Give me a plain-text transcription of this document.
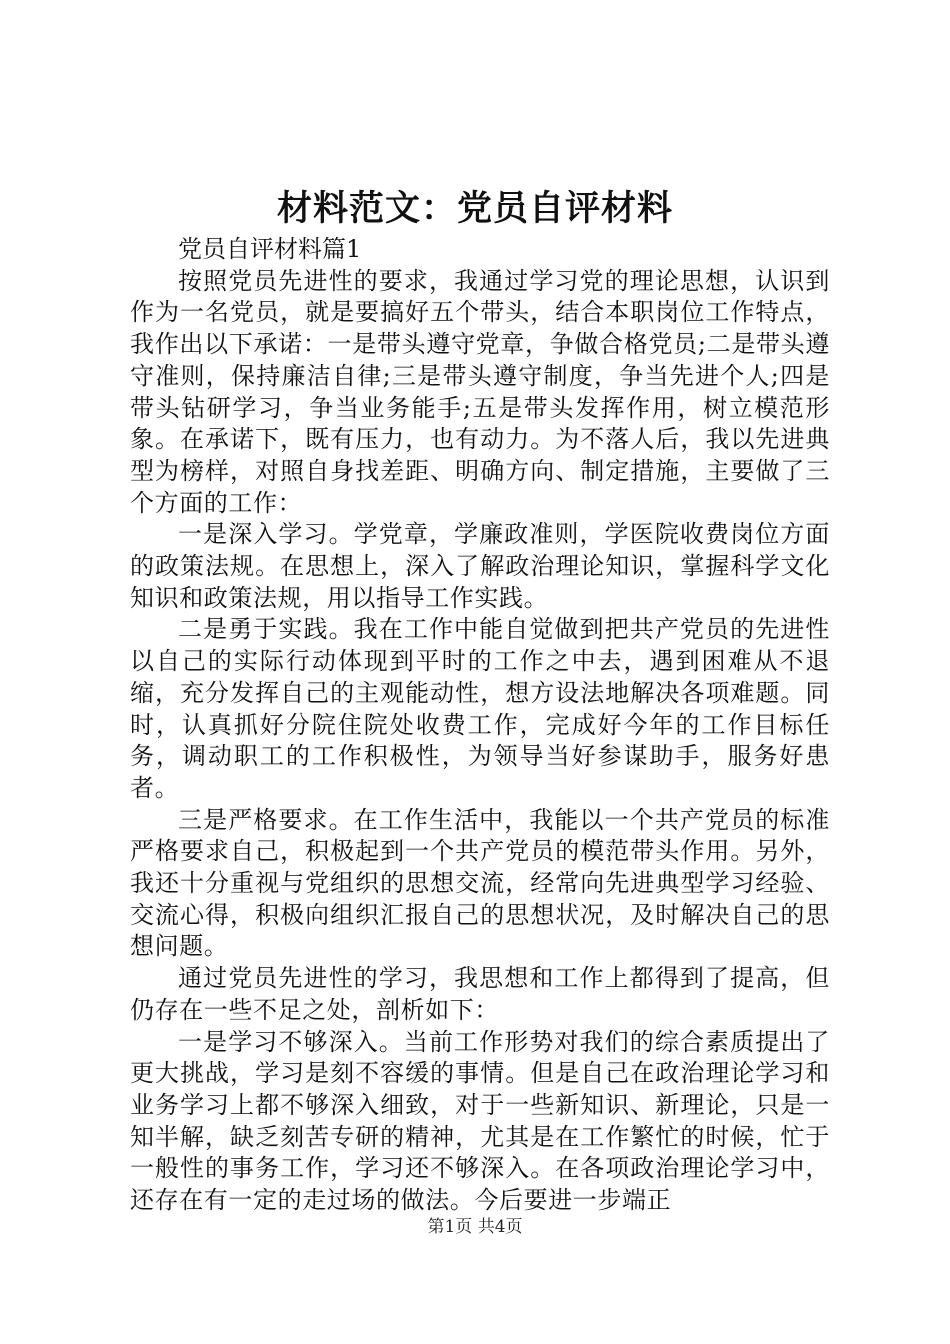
材料范文：党员自评材料

党员自评材料篇1

按照党员先进性的要求，我通过学习党的理论思想，认识到作为一名党员，就是要搞好五个带头，结合本职岗位工作特点，我作出以下承诺：一是带头遵守党章，争做合格党员;二是带头遵守准则，保持廉洁自律;三是带头遵守制度，争当先进个人;四是带头钻研学习，争当业务能手;五是带头发挥作用，树立模范形象。在承诺下，既有压力，也有动力。为不落人后，我以先进典型为榜样，对照自身找差距、明确方向、制定措施，主要做了三个方面的工作：

一是深入学习。学党章，学廉政准则，学医院收费岗位方面的政策法规。在思想上，深入了解政治理论知识，掌握科学文化知识和政策法规，用以指导工作实践。

二是勇于实践。我在工作中能自觉做到把共产党员的先进性以自己的实际行动体现到平时的工作之中去，遇到困难从不退缩，充分发挥自己的主观能动性，想方设法地解决各项难题。同时，认真抓好分院住院处收费工作，完成好今年的工作目标任务，调动职工的工作积极性，为领导当好参谋助手，服务好患者。

三是严格要求。在工作生活中，我能以一个共产党员的标准严格要求自己，积极起到一个共产党员的模范带头作用。另外，我还十分重视与党组织的思想交流，经常向先进典型学习经验、交流心得，积极向组织汇报自己的思想状况，及时解决自己的思想问题。

通过党员先进性的学习，我思想和工作上都得到了提高，但仍存在一些不足之处，剖析如下：

一是学习不够深入。当前工作形势对我们的综合素质提出了更大挑战，学习是刻不容缓的事情。但是自己在政治理论学习和业务学习上都不够深入细致，对于一些新知识、新理论，只是一知半解，缺乏刻苦专研的精神，尤其是在工作繁忙的时候，忙于一般性的事务工作，学习还不够深入。在各项政治理论学习中，还存在有一定的走过场的做法。今后要进一步端正

第1页 共4页
